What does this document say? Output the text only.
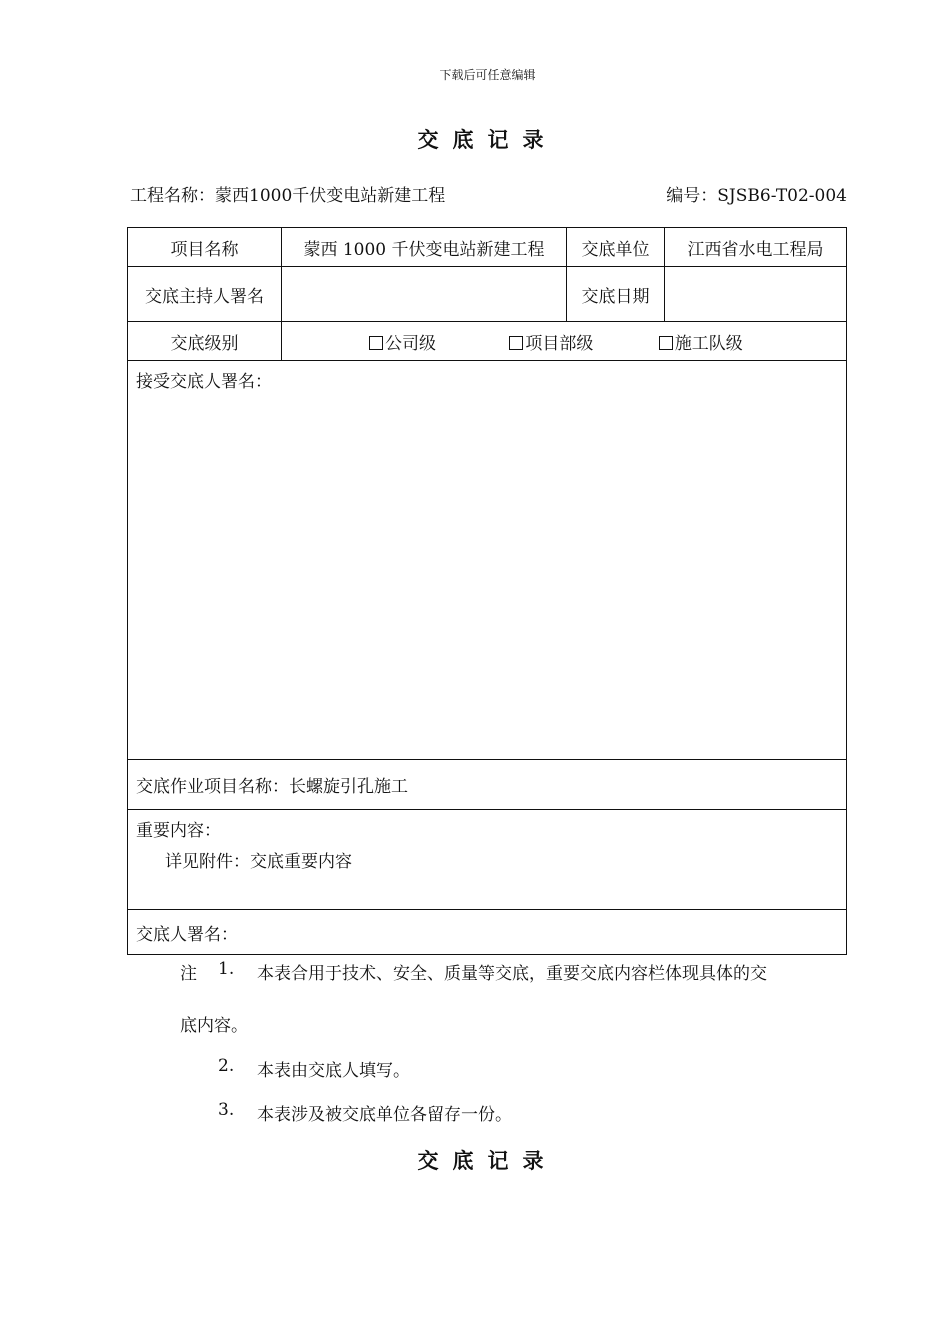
下载后可任意编辑
交底记录
工程名称：蒙西1000千伏变电站新建工程	编号：SJSB6-T02-004
项目名称	蒙西 1000 千伏变电站新建工程	交底单位	江西省水电工程局
交底主持人署名		交底日期	
交底级别	公司级 项目部级 施工队级		
接受交底人署名：			
交底作业项目名称：长螺旋引孔施工			

重要内容：
详见附件：交底重要内容			

交底人署名：			
注 1. 本表合用于技术、安全、质量等交底，重要交底内容栏体现具体的交
底内容。
2. 本表由交底人填写。
3. 本表涉及被交底单位各留存一份。
交底记录
